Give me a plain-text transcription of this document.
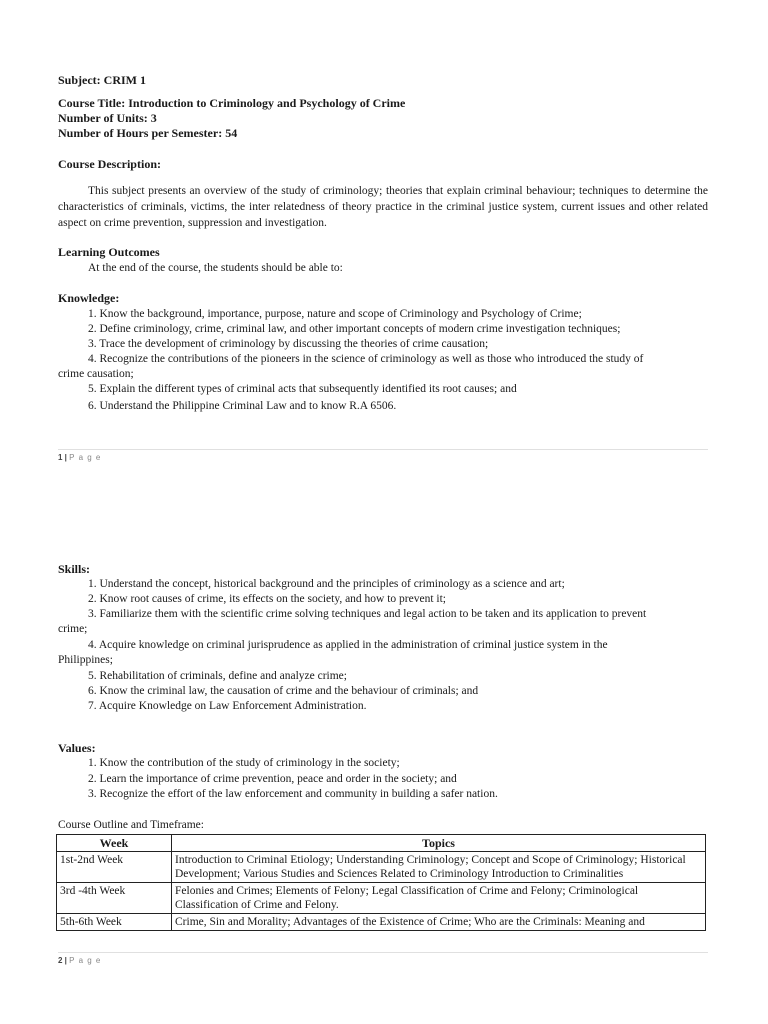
Subject: CRIM 1
Course Title: Introduction to Criminology and Psychology of Crime
Number of Units: 3
Number of Hours per Semester: 54
Course Description:
This subject presents an overview of the study of criminology; theories that explain criminal behaviour; techniques to determine the characteristics of criminals, victims, the inter relatedness of theory practice in the criminal justice system, current issues and other related aspect on crime prevention, suppression and investigation.
Learning Outcomes
At the end of the course, the students should be able to:
Knowledge:
1. Know the background, importance, purpose, nature and scope of Criminology and Psychology of Crime;
2. Define criminology, crime, criminal law, and other important concepts of modern crime investigation techniques;
3. Trace the development of criminology by discussing the theories of crime causation;
4. Recognize the contributions of the pioneers in the science of criminology as well as those who introduced the study of
crime causation;
5. Explain the different types of criminal acts that subsequently identified its root causes; and
6. Understand the Philippine Criminal Law and to know R.A 6506.
1 | P a g e
Skills:
1. Understand the concept, historical background and the principles of criminology as a science and art;
2. Know root causes of crime, its effects on the society, and how to prevent it;
3. Familiarize them with the scientific crime solving techniques and legal action to be taken and its application to prevent
crime;
4. Acquire knowledge on criminal jurisprudence as applied in the administration of criminal justice system in the
Philippines;
5. Rehabilitation of criminals, define and analyze crime;
6. Know the criminal law, the causation of crime and the behaviour of criminals; and
7. Acquire Knowledge on Law Enforcement Administration.
Values:
1. Know the contribution of the study of criminology in the society;
2. Learn the importance of crime prevention, peace and order in the society; and
3. Recognize the effort of the law enforcement and community in building a safer nation.
Course Outline and Timeframe:
Week	Topics
1st-2nd Week	Introduction to Criminal Etiology; Understanding Criminology; Concept and Scope of Criminology; Historical Development; Various Studies and Sciences Related to Criminology Introduction to Criminalities
3rd -4th Week	Felonies and Crimes; Elements of Felony; Legal Classification of Crime and Felony; Criminological Classification of Crime and Felony.
5th-6th Week	Crime, Sin and Morality; Advantages of the Existence of Crime; Who are the Criminals: Meaning and
2 | P a g e
